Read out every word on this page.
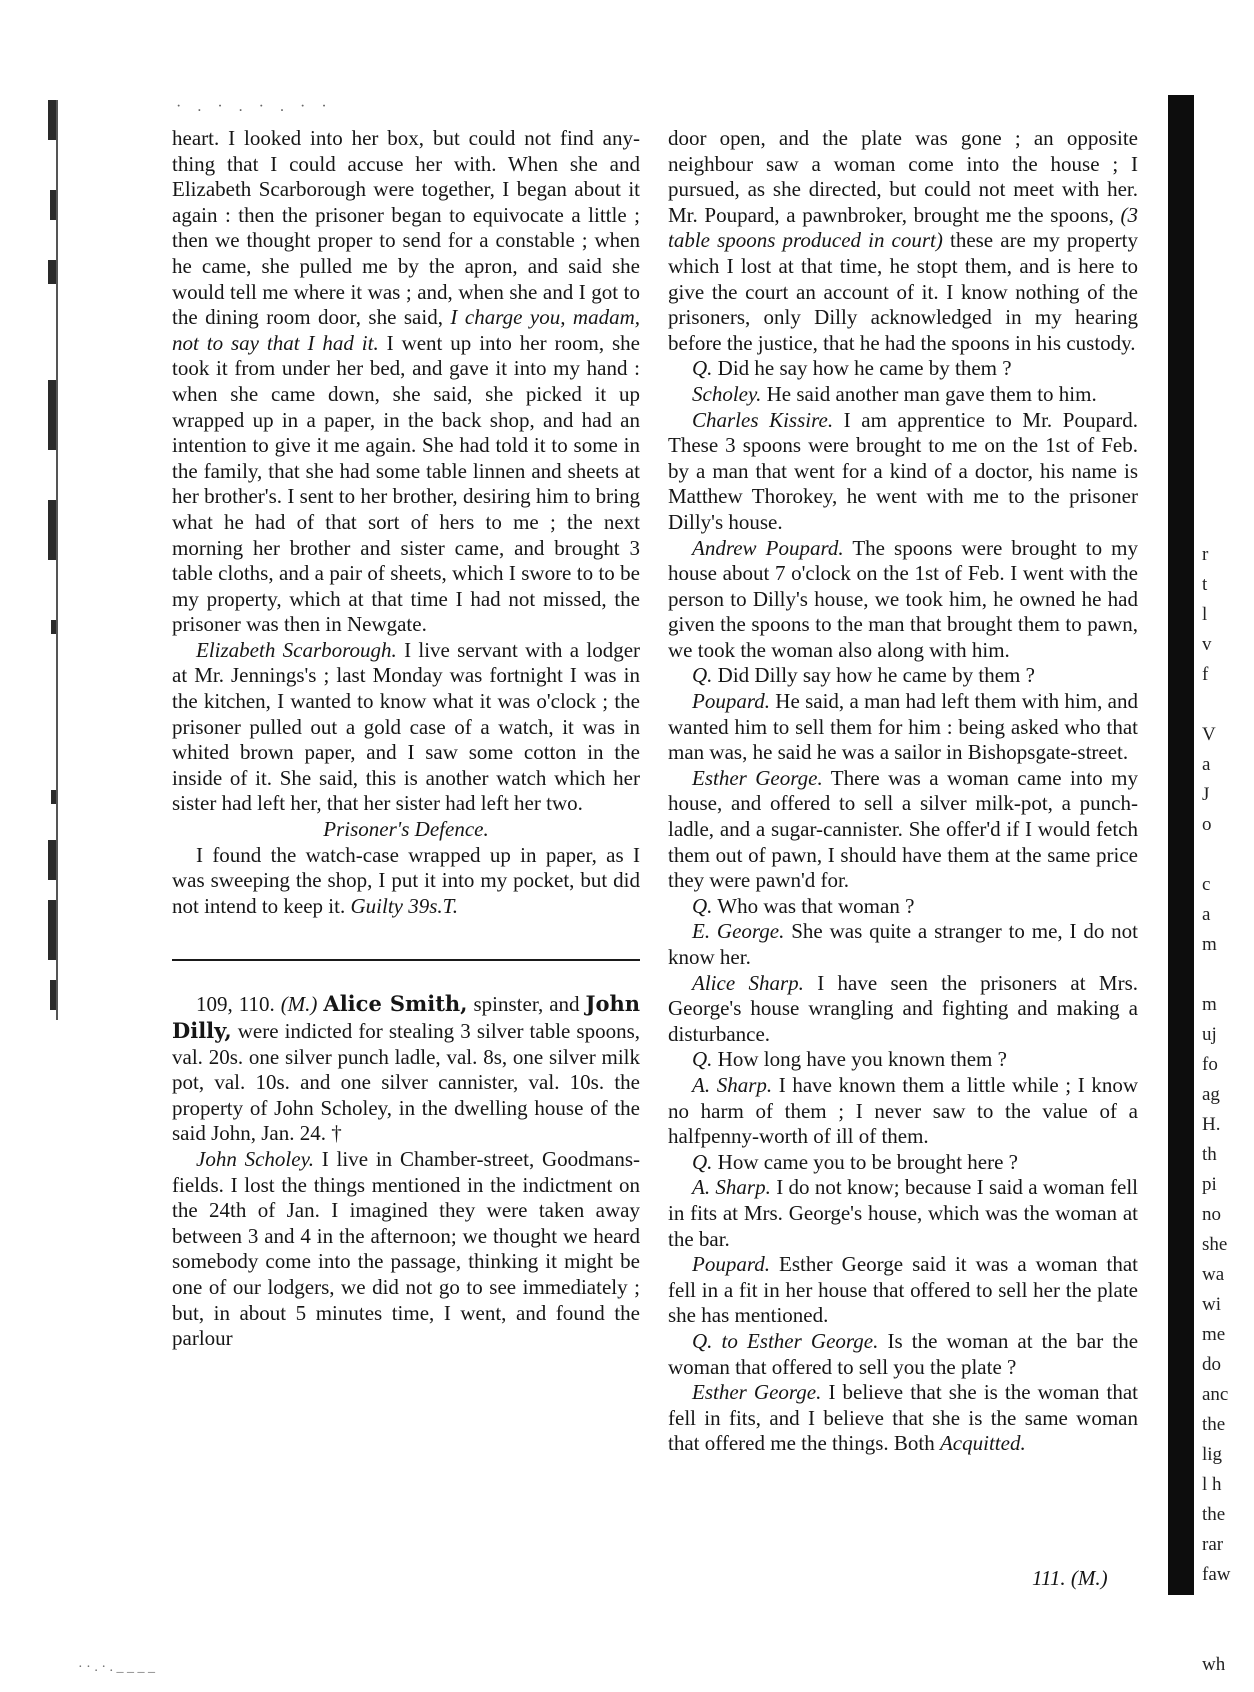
· . · . · . · ·

heart. I looked into her box, but could not find any-thing that I could accuse her with. When she and Elizabeth Scarborough were together, I began about it again : then the prisoner began to equivocate a little ; then we thought proper to send for a constable ; when he came, she pulled me by the apron, and said she would tell me where it was ; and, when she and I got to the dining room door, she said, I charge you, madam, not to say that I had it. I went up into her room, she took it from under her bed, and gave it into my hand : when she came down, she said, she picked it up wrapped up in a paper, in the back shop, and had an intention to give it me again. She had told it to some in the family, that she had some table linnen and sheets at her brother's. I sent to her brother, desiring him to bring what he had of that sort of hers to me ; the next morning her brother and sister came, and brought 3 table cloths, and a pair of sheets, which I swore to to be my property, which at that time I had not missed, the prisoner was then in Newgate.

Elizabeth Scarborough. I live servant with a lodger at Mr. Jennings's ; last Monday was fortnight I was in the kitchen, I wanted to know what it was o'clock ; the prisoner pulled out a gold case of a watch, it was in whited brown paper, and I saw some cotton in the inside of it. She said, this is another watch which her sister had left her, that her sister had left her two.

Prisoner's Defence.

I found the watch-case wrapped up in paper, as I was sweeping the shop, I put it into my pocket, but did not intend to keep it. Guilty 39s.T.

109, 110. (M.) Alice Smith, spinster, and John Dilly, were indicted for stealing 3 silver table spoons, val. 20s. one silver punch ladle, val. 8s, one silver milk pot, val. 10s. and one silver cannister, val. 10s. the property of John Scholey, in the dwelling house of the said John, Jan. 24. †

John Scholey. I live in Chamber-street, Goodmans-fields. I lost the things mentioned in the indictment on the 24th of Jan. I imagined they were taken away between 3 and 4 in the afternoon; we thought we heard somebody come into the passage, thinking it might be one of our lodgers, we did not go to see immediately ; but, in about 5 minutes time, I went, and found the parlour

door open, and the plate was gone ; an opposite neighbour saw a woman come into the house ; I pursued, as she directed, but could not meet with her. Mr. Poupard, a pawnbroker, brought me the spoons, (3 table spoons produced in court) these are my property which I lost at that time, he stopt them, and is here to give the court an account of it. I know nothing of the prisoners, only Dilly acknowledged in my hearing before the justice, that he had the spoons in his custody.

Q. Did he say how he came by them ?

Scholey. He said another man gave them to him.

Charles Kissire. I am apprentice to Mr. Poupard. These 3 spoons were brought to me on the 1st of Feb. by a man that went for a kind of a doctor, his name is Matthew Thorokey, he went with me to the prisoner Dilly's house.

Andrew Poupard. The spoons were brought to my house about 7 o'clock on the 1st of Feb. I went with the person to Dilly's house, we took him, he owned he had given the spoons to the man that brought them to pawn, we took the woman also along with him.

Q. Did Dilly say how he came by them ?

Poupard. He said, a man had left them with him, and wanted him to sell them for him : being asked who that man was, he said he was a sailor in Bishopsgate-street.

Esther George. There was a woman came into my house, and offered to sell a silver milk-pot, a punch-ladle, and a sugar-cannister. She offer'd if I would fetch them out of pawn, I should have them at the same price they were pawn'd for.

Q. Who was that woman ?

E. George. She was quite a stranger to me, I do not know her.

Alice Sharp. I have seen the prisoners at Mrs. George's house wrangling and fighting and making a disturbance.

Q. How long have you known them ?

A. Sharp. I have known them a little while ; I know no harm of them ; I never saw to the value of a halfpenny-worth of ill of them.

Q. How came you to be brought here ?

A. Sharp. I do not know; because I said a woman fell in fits at Mrs. George's house, which was the woman at the bar.

Poupard. Esther George said it was a woman that fell in a fit in her house that offered to sell her the plate she has mentioned.

Q. to Esther George. Is the woman at the bar the woman that offered to sell you the plate ?

Esther George. I believe that she is the woman that fell in fits, and I believe that she is the same woman that offered me the things. Both Acquitted.

111. (M.)
r
t
l
v
f
V
a
J
o
c
a
m
m
uj
fo
ag
H.
th
pi
no
she
wa
wi
me
do
anc
the
lig
l h
the
rar
faw
wh
· · . · . _ _ _ _
